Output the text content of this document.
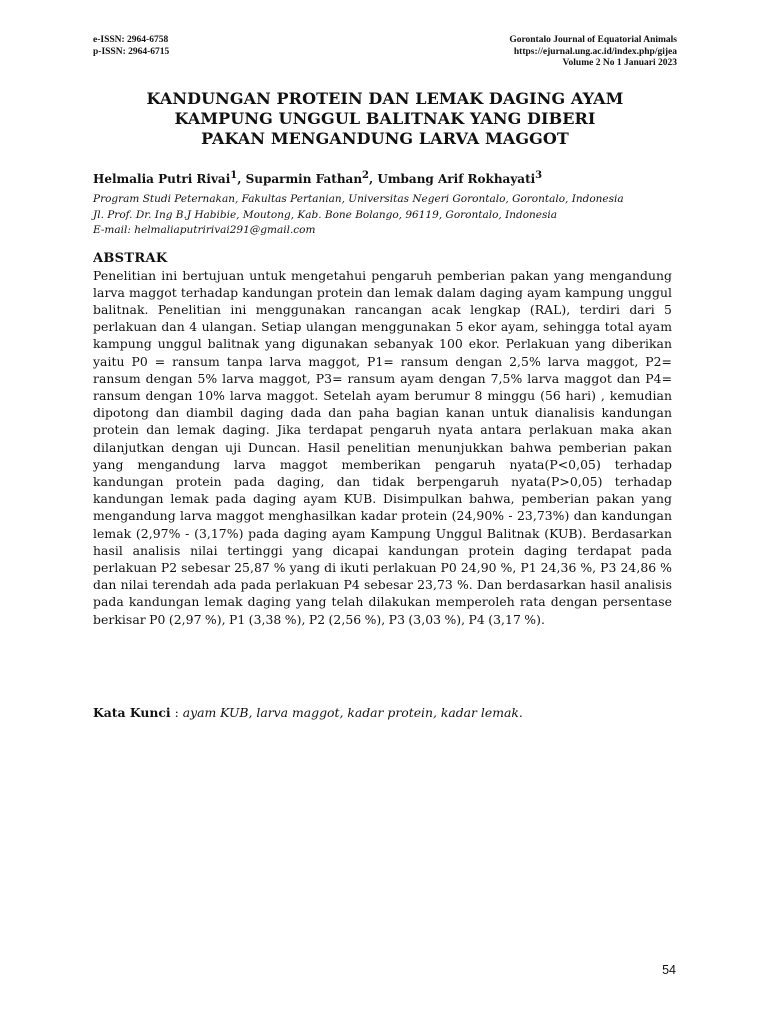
e-ISSN: 2964-6758
p-ISSN: 2964-6715
Gorontalo Journal of Equatorial Animals
https://ejurnal.ung.ac.id/index.php/gijea
Volume 2 No 1 Januari 2023
KANDUNGAN PROTEIN DAN LEMAK DAGING AYAM
KAMPUNG UNGGUL BALITNAK YANG DIBERI
PAKAN MENGANDUNG LARVA MAGGOT
Helmalia Putri Rivai$^1$, Suparmin Fathan$^2$, Umbang Arif Rokhayati$^3$
Program Studi Peternakan, Fakultas Pertanian, Universitas Negeri Gorontalo, Gorontalo, Indonesia
Jl. Prof. Dr. Ing B.J Habibie, Moutong, Kab. Bone Bolango, 96119, Gorontalo, Indonesia
E-mail: helmaliaputririvai291@gmail.com
ABSTRAK

Penelitian ini bertujuan untuk mengetahui pengaruh pemberian pakan yang mengandung larva maggot terhadap kandungan protein dan lemak dalam daging ayam kampung unggul balitnak. Penelitian ini menggunakan rancangan acak lengkap (RAL), terdiri dari 5 perlakuan dan 4 ulangan. Setiap ulangan menggunakan 5 ekor ayam, sehingga total ayam kampung unggul balitnak yang digunakan sebanyak 100 ekor. Perlakuan yang diberikan yaitu P0 = ransum tanpa larva maggot, P1= ransum dengan 2,5% larva maggot, P2= ransum dengan 5% larva maggot, P3= ransum ayam dengan 7,5% larva maggot dan P4= ransum dengan 10% larva maggot. Setelah ayam berumur 8 minggu (56 hari) , kemudian dipotong dan diambil daging dada dan paha bagian kanan untuk dianalisis kandungan protein dan lemak daging. Jika terdapat pengaruh nyata antara perlakuan maka akan dilanjutkan dengan uji Duncan. Hasil penelitian menunjukkan bahwa pemberian pakan yang mengandung larva maggot memberikan pengaruh nyata(P<0,05) terhadap kandungan protein pada daging, dan tidak berpengaruh nyata(P>0,05) terhadap kandungan lemak pada daging ayam KUB. Disimpulkan bahwa, pemberian pakan yang mengandung larva maggot menghasilkan kadar protein (24,90% - 23,73%) dan kandungan lemak (2,97% - (3,17%) pada daging ayam Kampung Unggul Balitnak (KUB). Berdasarkan hasil analisis nilai tertinggi yang dicapai kandungan protein daging terdapat pada perlakuan P2 sebesar 25,87 % yang di ikuti perlakuan P0 24,90 %, P1 24,36 %, P3 24,86 % dan nilai terendah ada pada perlakuan P4 sebesar 23,73 %. Dan berdasarkan hasil analisis pada kandungan lemak daging yang telah dilakukan memperoleh rata dengan persentase berkisar P0 (2,97 %), P1 (3,38 %), P2 (2,56 %), P3 (3,03 %), P4 (3,17 %).

Kata Kunci : ayam KUB, larva maggot, kadar protein, kadar lemak.
54
